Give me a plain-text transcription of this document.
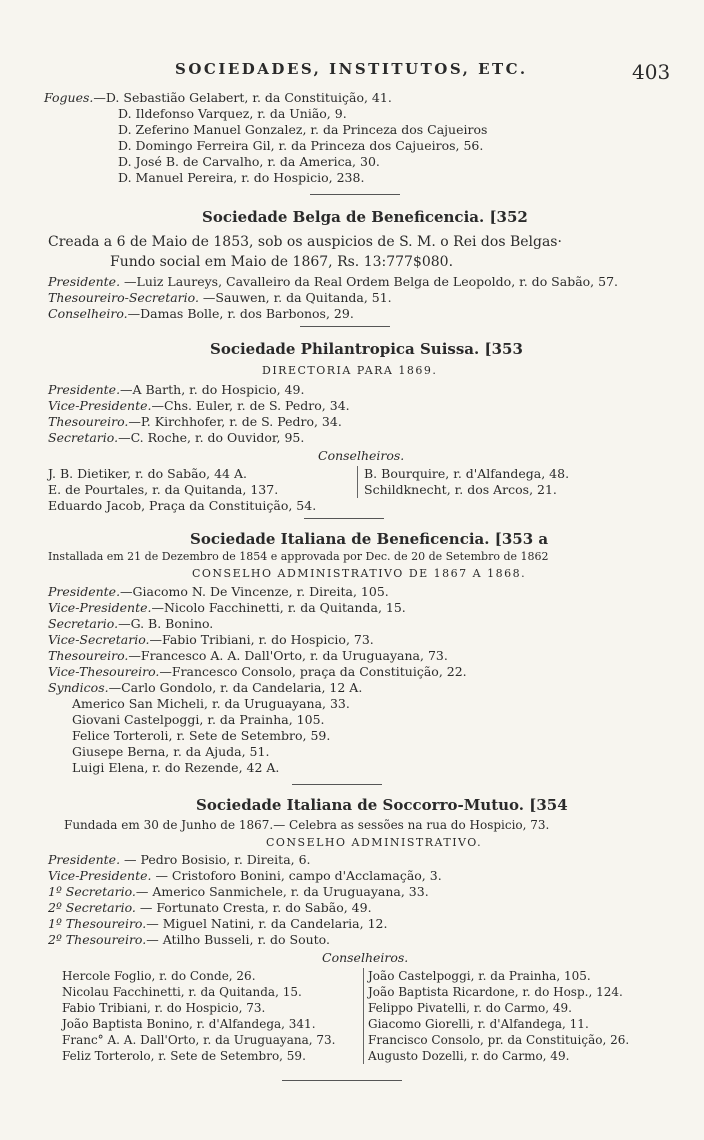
SOCIEDADES, INSTITUTOS, ETC.	403
Fogues.—D. Sebastião Gelabert, r. da Constituição, 41.
D. Ildefonso Varquez, r. da União, 9.
D. Zeferino Manuel Gonzalez, r. da Princeza dos Cajueiros
D. Domingo Ferreira Gil, r. da Princeza dos Cajueiros, 56.
D. José B. de Carvalho, r. da America, 30.
D. Manuel Pereira, r. do Hospicio, 238.
Sociedade Belga de Beneficencia. [352
Creada a 6 de Maio de 1853, sob os auspicios de S. M. o Rei dos Belgas·
Fundo social em Maio de 1867, Rs. 13:777$080.
Presidente. —Luiz Laureys, Cavalleiro da Real Ordem Belga de Leopoldo, r. do Sabão, 57.
Thesoureiro-Secretario. —Sauwen, r. da Quitanda, 51.
Conselheiro.—Damas Bolle, r. dos Barbonos, 29.
Sociedade Philantropica Suissa. [353
DIRECTORIA PARA 1869.
Presidente.—A Barth, r. do Hospicio, 49.
Vice-Presidente.—Chs. Euler, r. de S. Pedro, 34.
Thesoureiro.—P. Kirchhofer, r. de S. Pedro, 34.
Secretario.—C. Roche, r. do Ouvidor, 95.
Conselheiros.
J. B. Dietiker, r. do Sabão, 44 A.
E. de Pourtales, r. da Quitanda, 137.
Eduardo Jacob, Praça da Constituição, 54.
B. Bourquire, r. d'Alfandega, 48.
Schildknecht, r. dos Arcos, 21.
Sociedade Italiana de Beneficencia. [353 a
Installada em 21 de Dezembro de 1854 e approvada por Dec. de 20 de Setembro de 1862
CONSELHO ADMINISTRATIVO DE 1867 A 1868.
Presidente.—Giacomo N. De Vincenze, r. Direita, 105.
Vice-Presidente.—Nicolo Facchinetti, r. da Quitanda, 15.
Secretario.—G. B. Bonino.
Vice-Secretario.—Fabio Tribiani, r. do Hospicio, 73.
Thesoureiro.—Francesco A. A. Dall'Orto, r. da Uruguayana, 73.
Vice-Thesoureiro.—Francesco Consolo, praça da Constituição, 22.
Syndicos.—Carlo Gondolo, r. da Candelaria, 12 A.
Americo San Micheli, r. da Uruguayana, 33.
Giovani Castelpoggi, r. da Prainha, 105.
Felice Torteroli, r. Sete de Setembro, 59.
Giusepe Berna, r. da Ajuda, 51.
Luigi Elena, r. do Rezende, 42 A.
Sociedade Italiana de Soccorro-Mutuo. [354
Fundada em 30 de Junho de 1867.— Celebra as sessões na rua do Hospicio, 73.
CONSELHO ADMINISTRATIVO.
Presidente. — Pedro Bosisio, r. Direita, 6.
Vice-Presidente. — Cristoforo Bonini, campo d'Acclamação, 3.
1º Secretario.— Americo Sanmichele, r. da Uruguayana, 33.
2º Secretario. — Fortunato Cresta, r. do Sabão, 49.
1º Thesoureiro.— Miguel Natini, r. da Candelaria, 12.
2º Thesoureiro.— Atilho Busseli, r. do Souto.
Conselheiros.
Hercole Foglio, r. do Conde, 26.
Nicolau Facchinetti, r. da Quitanda, 15.
Fabio Tribiani, r. do Hospicio, 73.
João Baptista Bonino, r. d'Alfandega, 341.
Franc° A. A. Dall'Orto, r. da Uruguayana, 73.
Feliz Torterolo, r. Sete de Setembro, 59.
João Castelpoggi, r. da Prainha, 105.
João Baptista Ricardone, r. do Hosp., 124.
Felippo Pivatelli, r. do Carmo, 49.
Giacomo Giorelli, r. d'Alfandega, 11.
Francisco Consolo, pr. da Constituição, 26.
Augusto Dozelli, r. do Carmo, 49.
